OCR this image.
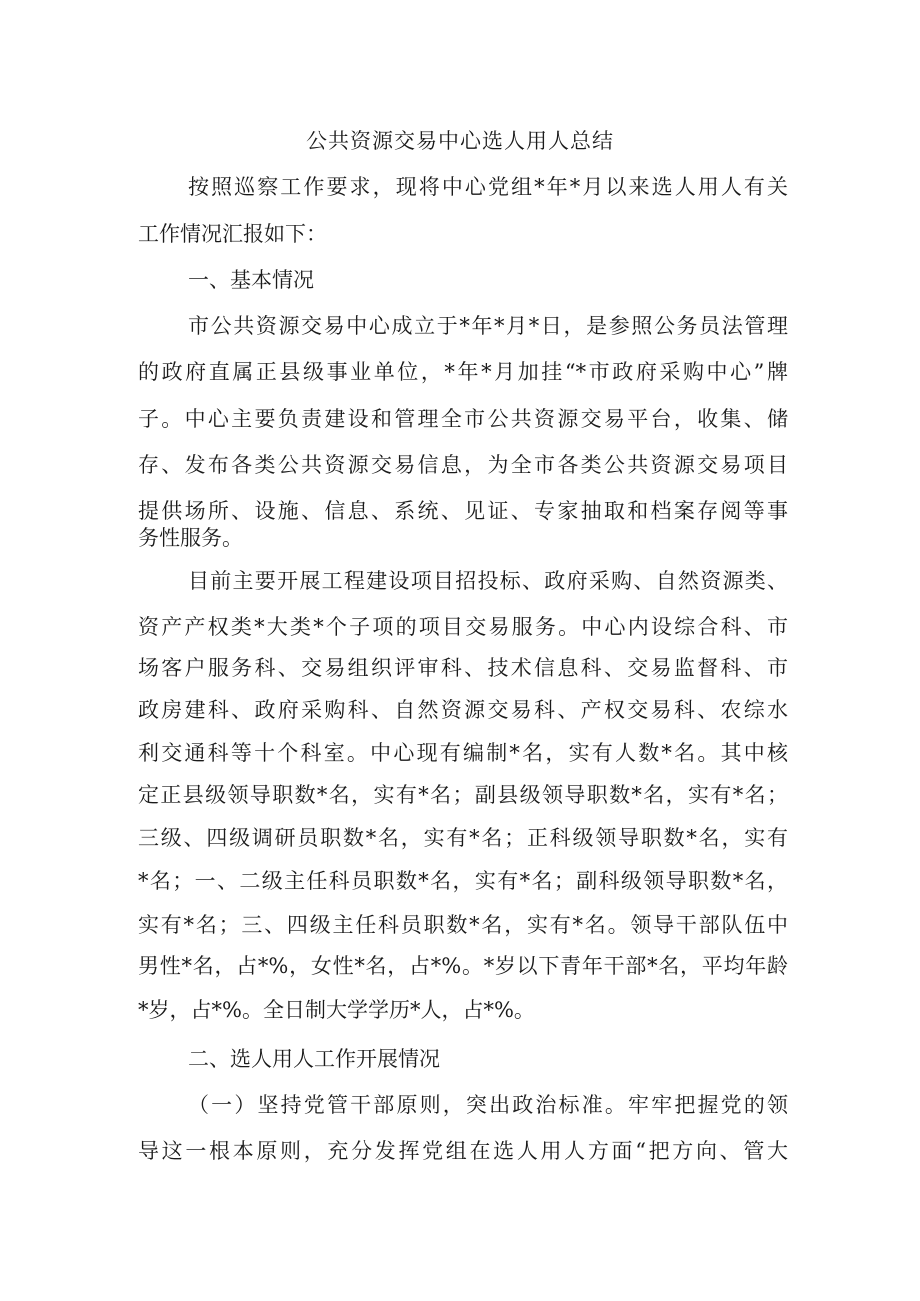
公共资源交易中心选人用人总结
按照巡察工作要求，现将中心党组*年*月以来选人用人有关
工作情况汇报如下：
一、基本情况
市公共资源交易中心成立于*年*月*日，是参照公务员法管理
的政府直属正县级事业单位，*年*月加挂“*市政府采购中心”牌
子。中心主要负责建设和管理全市公共资源交易平台，收集、储
存、发布各类公共资源交易信息，为全市各类公共资源交易项目
提供场所、设施、信息、系统、见证、专家抽取和档案存阅等事
务性服务。
目前主要开展工程建设项目招投标、政府采购、自然资源类、
资产产权类*大类*个子项的项目交易服务。中心内设综合科、市
场客户服务科、交易组织评审科、技术信息科、交易监督科、市
政房建科、政府采购科、自然资源交易科、产权交易科、农综水
利交通科等十个科室。中心现有编制*名，实有人数*名。其中核
定正县级领导职数*名，实有*名；副县级领导职数*名，实有*名；
三级、四级调研员职数*名，实有*名；正科级领导职数*名，实有
*名；一、二级主任科员职数*名，实有*名；副科级领导职数*名，
实有*名；三、四级主任科员职数*名，实有*名。领导干部队伍中
男性*名，占*%，女性*名，占*%。*岁以下青年干部*名，平均年龄
*岁，占*%。全日制大学学历*人，占*%。
二、选人用人工作开展情况
（一）坚持党管干部原则，突出政治标准。牢牢把握党的领
导这一根本原则，充分发挥党组在选人用人方面“把方向、管大
